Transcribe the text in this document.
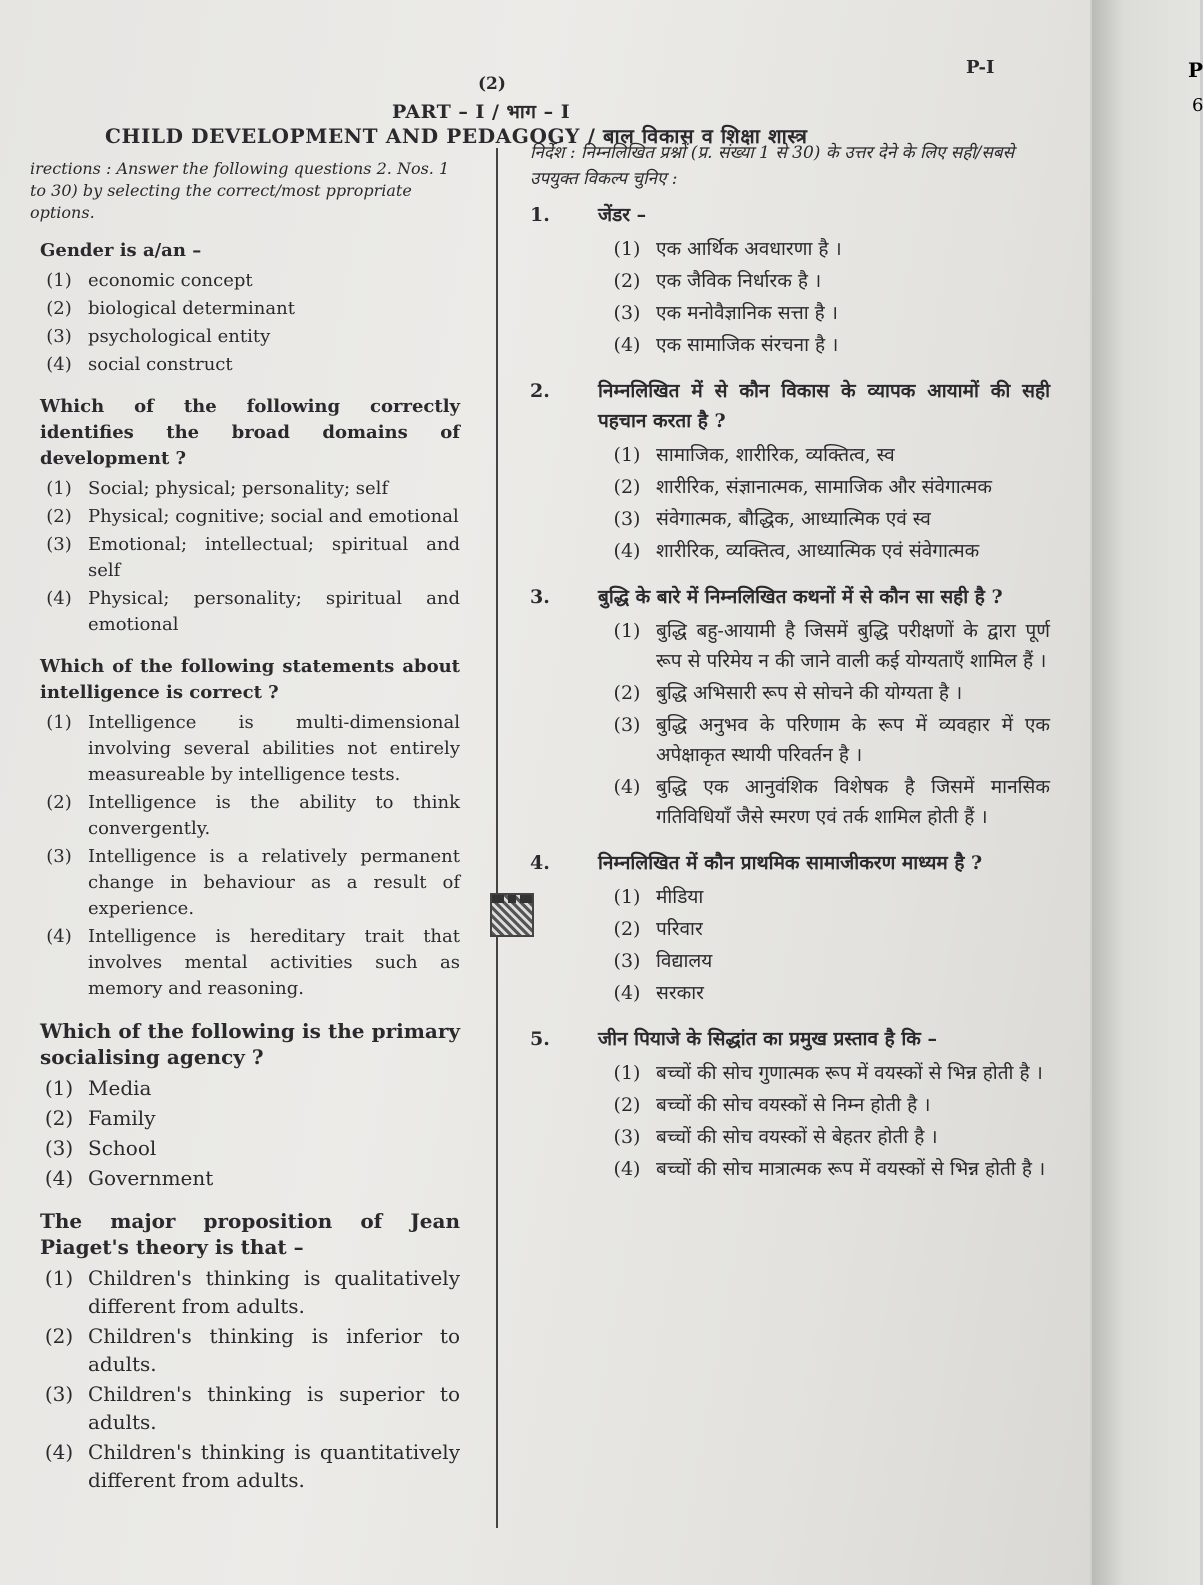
(2)
P-I
PART – I / भाग – I
CHILD DEVELOPMENT AND PEDAGOGY / बाल विकास व शिक्षा शास्त्र

irections : Answer the following questions 2. Nos. 1 to 30) by selecting the correct/most ppropriate options.

Gender is a/an –
(1) economic concept
(2) biological determinant
(3) psychological entity
(4) social construct
Which of the following correctly identifies the broad domains of development ?
(1) Social; physical; personality; self
(2) Physical; cognitive; social and emotional
(3) Emotional; intellectual; spiritual and self
(4) Physical; personality; spiritual and emotional
Which of the following statements about intelligence is correct ?
(1) Intelligence is multi-dimensional involving several abilities not entirely measureable by intelligence tests.
(2) Intelligence is the ability to think convergently.
(3) Intelligence is a relatively permanent change in behaviour as a result of experience.
(4) Intelligence is hereditary trait that involves mental activities such as memory and reasoning.
Which of the following is the primary socialising agency ?
(1) Media
(2) Family
(3) School
(4) Government
The major proposition of Jean Piaget's theory is that –
(1) Children's thinking is qualitatively different from adults.
(2) Children's thinking is inferior to adults.
(3) Children's thinking is superior to adults.
(4) Children's thinking is quantitatively different from adults.

निर्देश : निम्नलिखित प्रश्नों (प्र. संख्या 1 से 30) के उत्तर देने के लिए सही/सबसे उपयुक्त विकल्प चुनिए :

1.	जेंडर –
(1) एक आर्थिक अवधारणा है ।
(2) एक जैविक निर्धारक है ।
(3) एक मनोवैज्ञानिक सत्ता है ।
(4) एक सामाजिक संरचना है ।
2.	निम्नलिखित में से कौन विकास के व्यापक आयामों की सही पहचान करता है ?
(1) सामाजिक, शारीरिक, व्यक्तित्व, स्व
(2) शारीरिक, संज्ञानात्मक, सामाजिक और संवेगात्मक
(3) संवेगात्मक, बौद्धिक, आध्यात्मिक एवं स्व
(4) शारीरिक, व्यक्तित्व, आध्यात्मिक एवं संवेगात्मक
3.	बुद्धि के बारे में निम्नलिखित कथनों में से कौन सा सही है ?
(1) बुद्धि बहु-आयामी है जिसमें बुद्धि परीक्षणों के द्वारा पूर्ण रूप से परिमेय न की जाने वाली कई योग्यताएँ शामिल हैं ।
(2) बुद्धि अभिसारी रूप से सोचने की योग्यता है ।
(3) बुद्धि अनुभव के परिणाम के रूप में व्यवहार में एक अपेक्षाकृत स्थायी परिवर्तन है ।
(4) बुद्धि एक आनुवंशिक विशेषक है जिसमें मानसिक गतिविधियाँ जैसे स्मरण एवं तर्क शामिल होती हैं ।
4.	निम्नलिखित में कौन प्राथमिक सामाजीकरण माध्यम है ?
(1) मीडिया
(2) परिवार
(3) विद्यालय
(4) सरकार
5.	जीन पियाजे के सिद्धांत का प्रमुख प्रस्ताव है कि –
(1) बच्चों की सोच गुणात्मक रूप में वयस्कों से भिन्न होती है ।
(2) बच्चों की सोच वयस्कों से निम्न होती है ।
(3) बच्चों की सोच वयस्कों से बेहतर होती है ।
(4) बच्चों की सोच मात्रात्मक रूप में वयस्कों से भिन्न होती है ।
P
6
